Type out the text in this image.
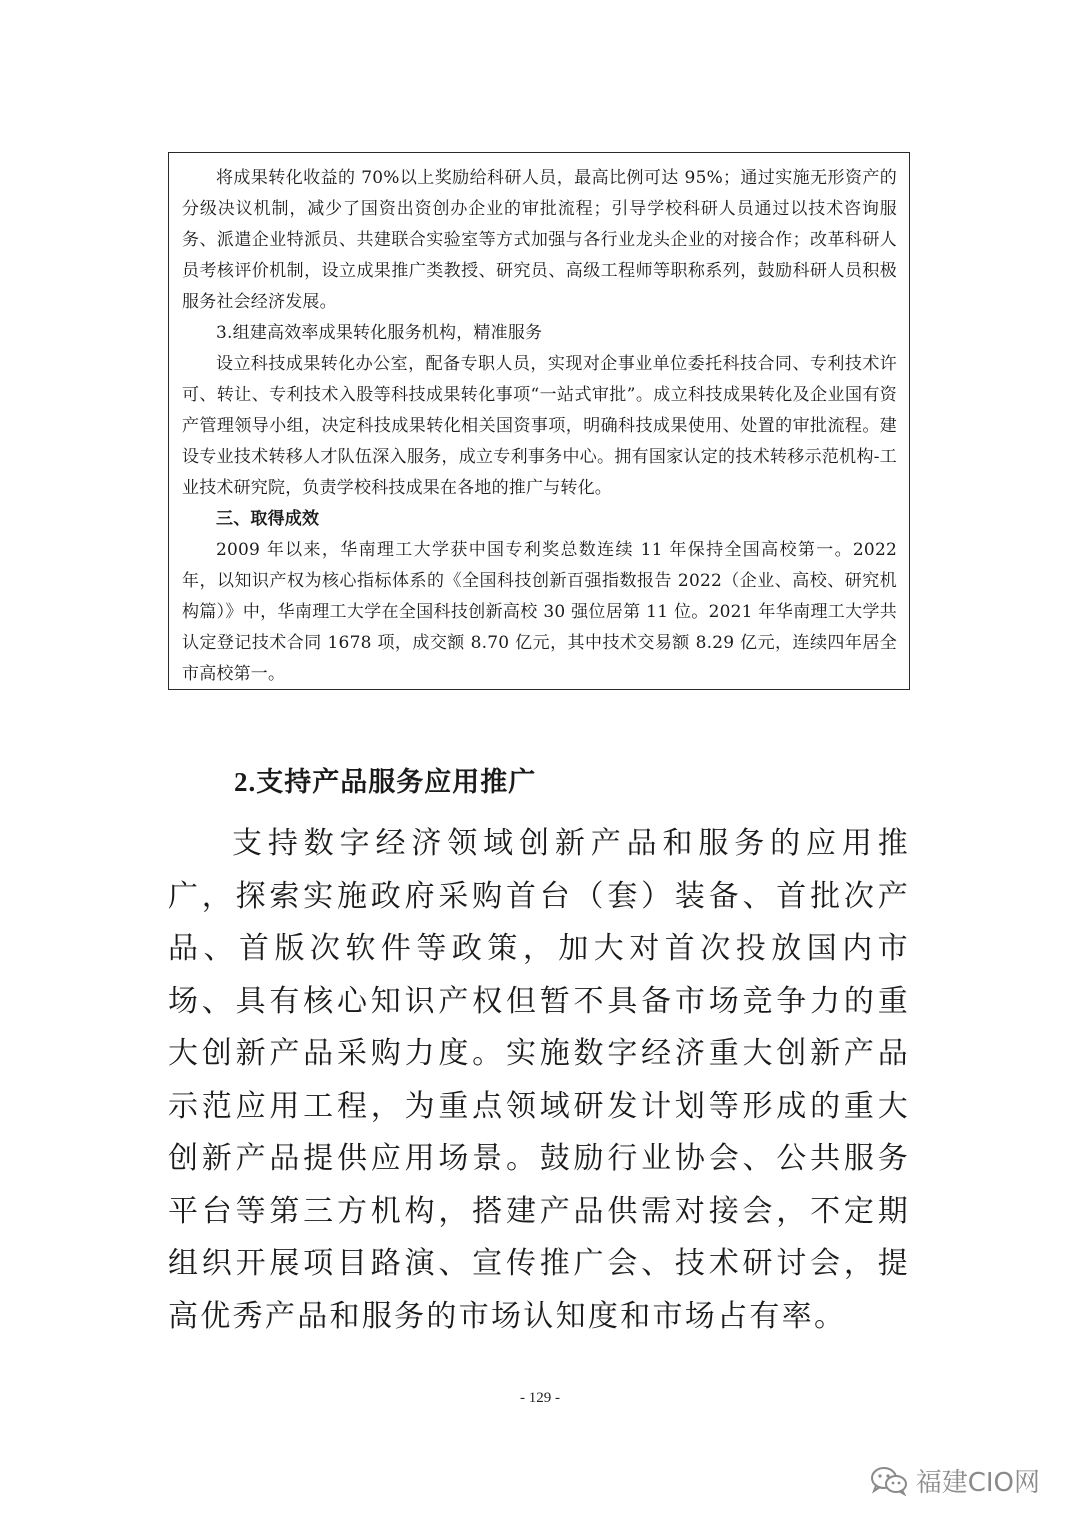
将成果转化收益的 70%以上奖励给科研人员，最高比例可达 95%；通过实施无形资产的分级决议机制，减少了国资出资创办企业的审批流程；引导学校科研人员通过以技术咨询服务、派遣企业特派员、共建联合实验室等方式加强与各行业龙头企业的对接合作；改革科研人员考核评价机制，设立成果推广类教授、研究员、高级工程师等职称系列，鼓励科研人员积极服务社会经济发展。

3.组建高效率成果转化服务机构，精准服务

设立科技成果转化办公室，配备专职人员，实现对企事业单位委托科技合同、专利技术许可、转让、专利技术入股等科技成果转化事项“一站式审批”。成立科技成果转化及企业国有资产管理领导小组，决定科技成果转化相关国资事项，明确科技成果使用、处置的审批流程。建设专业技术转移人才队伍深入服务，成立专利事务中心。拥有国家认定的技术转移示范机构-工业技术研究院，负责学校科技成果在各地的推广与转化。

三、取得成效

2009 年以来，华南理工大学获中国专利奖总数连续 11 年保持全国高校第一。2022 年，以知识产权为核心指标体系的《全国科技创新百强指数报告 2022（企业、高校、研究机构篇）》中，华南理工大学在全国科技创新高校 30 强位居第 11 位。2021 年华南理工大学共认定登记技术合同 1678 项，成交额 8.70 亿元，其中技术交易额 8.29 亿元，连续四年居全市高校第一。

2.支持产品服务应用推广

支持数字经济领域创新产品和服务的应用推广，探索实施政府采购首台（套）装备、首批次产品、首版次软件等政策，加大对首次投放国内市场、具有核心知识产权但暂不具备市场竞争力的重大创新产品采购力度。实施数字经济重大创新产品示范应用工程，为重点领域研发计划等形成的重大创新产品提供应用场景。鼓励行业协会、公共服务平台等第三方机构，搭建产品供需对接会，不定期组织开展项目路演、宣传推广会、技术研讨会，提高优秀产品和服务的市场认知度和市场占有率。

- 129 -
福建CIO网
